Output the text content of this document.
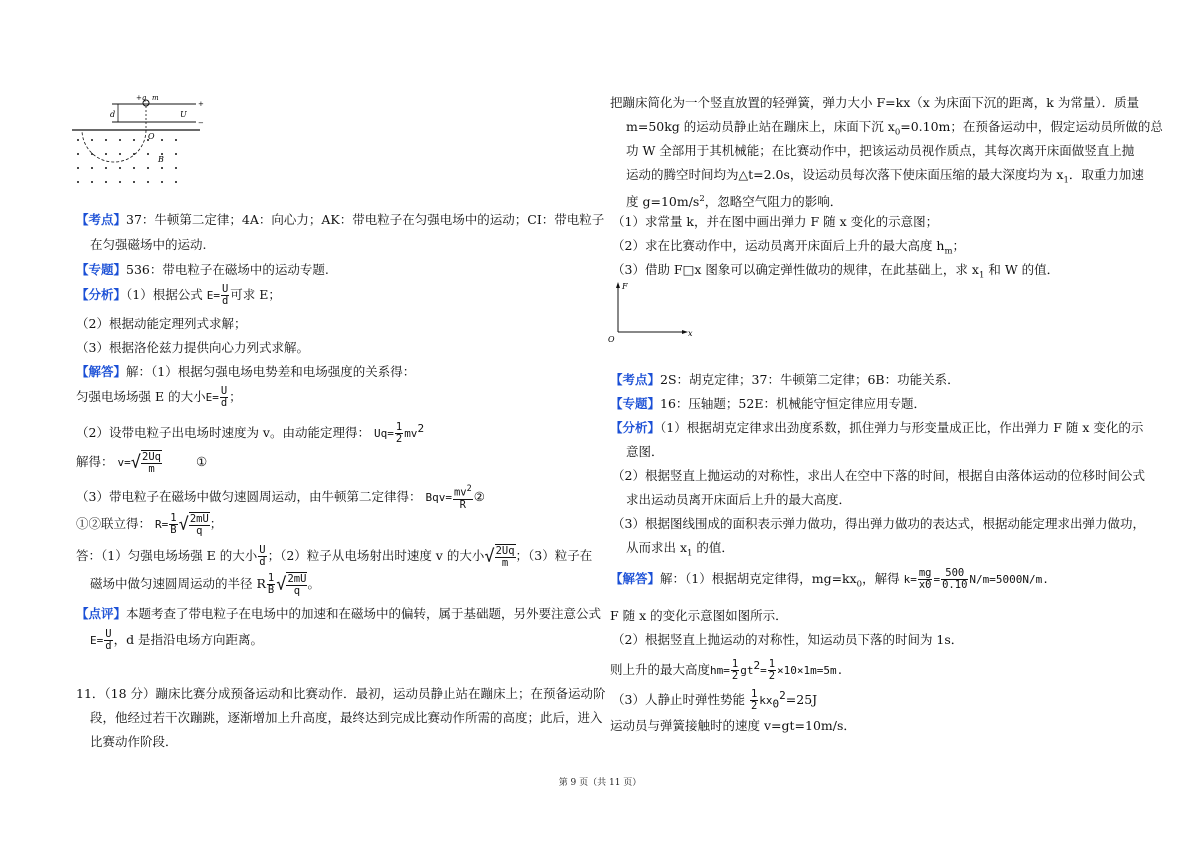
+q m
d	U
O
B
+
−
【考点】37：牛顿第二定律；4A：向心力；AK：带电粒子在匀强电场中的运动；CI：带电粒子
在匀强磁场中的运动.
【专题】536：带电粒子在磁场中的运动专题.
【分析】（1）根据公式 $E= \frac{U}{d}$ 可求 E；
（2）根据动能定理列式求解；
（3）根据洛伦兹力提供向心力列式求解。
【解答】解：（1）根据匀强电场电势差和电场强度的关系得：
匀强电场场强 E 的大小$E= \frac{U}{d}$ ；
（2）设带电粒子出电场时速度为 v。由动能定理得： $Uq= \frac{1}{2} mv^2$
解得： $v=√ \frac{2Uq}{m}$	①
（3）带电粒子在磁场中做匀速圆周运动，由牛顿第二定律得： $Bqv= \frac{mv^2}{R}$ ②
①②联立得： $R= \frac{1}{B}$ √ $\frac{2mU}{q}$ ；
答：（1）匀强电场场强 E 的大小 $\frac{U}{d}$ ；（2）粒子从电场射出时速度 v 的大小√ $\frac{2Uq}{m}$ ；（3）粒子在
磁场中做匀速圆周运动的半径 R $\frac{1}{B}$ √ $\frac{2mU}{q}$ 。
【点评】本题考查了带电粒子在电场中的加速和在磁场中的偏转，属于基础题，另外要注意公式
$E= \frac{U}{d}$ ，d 是指沿电场方向距离。
11．（18 分）蹦床比赛分成预备运动和比赛动作．最初，运动员静止站在蹦床上；在预备运动阶
段，他经过若干次蹦跳，逐渐增加上升高度，最终达到完成比赛动作所需的高度；此后，进入
比赛动作阶段．
把蹦床简化为一个竖直放置的轻弹簧，弹力大小 F=kx（x 为床面下沉的距离，k 为常量）．质量
m=50kg 的运动员静止站在蹦床上，床面下沉 $x_0=0.10m$；在预备运动中，假定运动员所做的总
功 W 全部用于其机械能；在比赛动作中，把该运动员视作质点，其每次离开床面做竖直上抛
运动的腾空时间均为△t=2.0s，设运动员每次落下使床面压缩的最大深度均为 $x_1$．取重力加速
度 $g=10m/s^2$，忽略空气阻力的影响．
（1）求常量 k，并在图中画出弹力 F 随 x 变化的示意图；
（2）求在比赛动作中，运动员离开床面后上升的最大高度 $h_m$；
（3）借助 F□x 图象可以确定弹性做功的规律，在此基础上，求 $x_1$ 和 W 的值．
F
x
O
【考点】2S：胡克定律；37：牛顿第二定律；6B：功能关系．
【专题】16：压轴题；52E：机械能守恒定律应用专题．
【分析】（1）根据胡克定律求出劲度系数，抓住弹力与形变量成正比，作出弹力 F 随 x 变化的示
意图．
（2）根据竖直上抛运动的对称性，求出人在空中下落的时间，根据自由落体运动的位移时间公式
求出运动员离开床面后上升的最大高度．
（3）根据图线围成的面积表示弹力做功，得出弹力做功的表达式，根据动能定理求出弹力做功，
从而求出 $x_1$ 的值．
【解答】解：（1）根据胡克定律得，$mg=kx_0$，解得 $k= \frac{mg}{x0} = \frac{500}{0.10} N/m=5000N/m$.
F 随 x 的变化示意图如图所示．
（2）根据竖直上抛运动的对称性，知运动员下落的时间为 1s．
则上升的最大高度$hm= \frac{1}{2} gt^2= \frac{1}{2} \times 10\times 1m=5m$.
（3）人静止时弹性势能 $\frac{1}{2} kx_0^2=25J$
运动员与弹簧接触时的速度 v=gt=10m/s．
第 9 页（共 11 页）
